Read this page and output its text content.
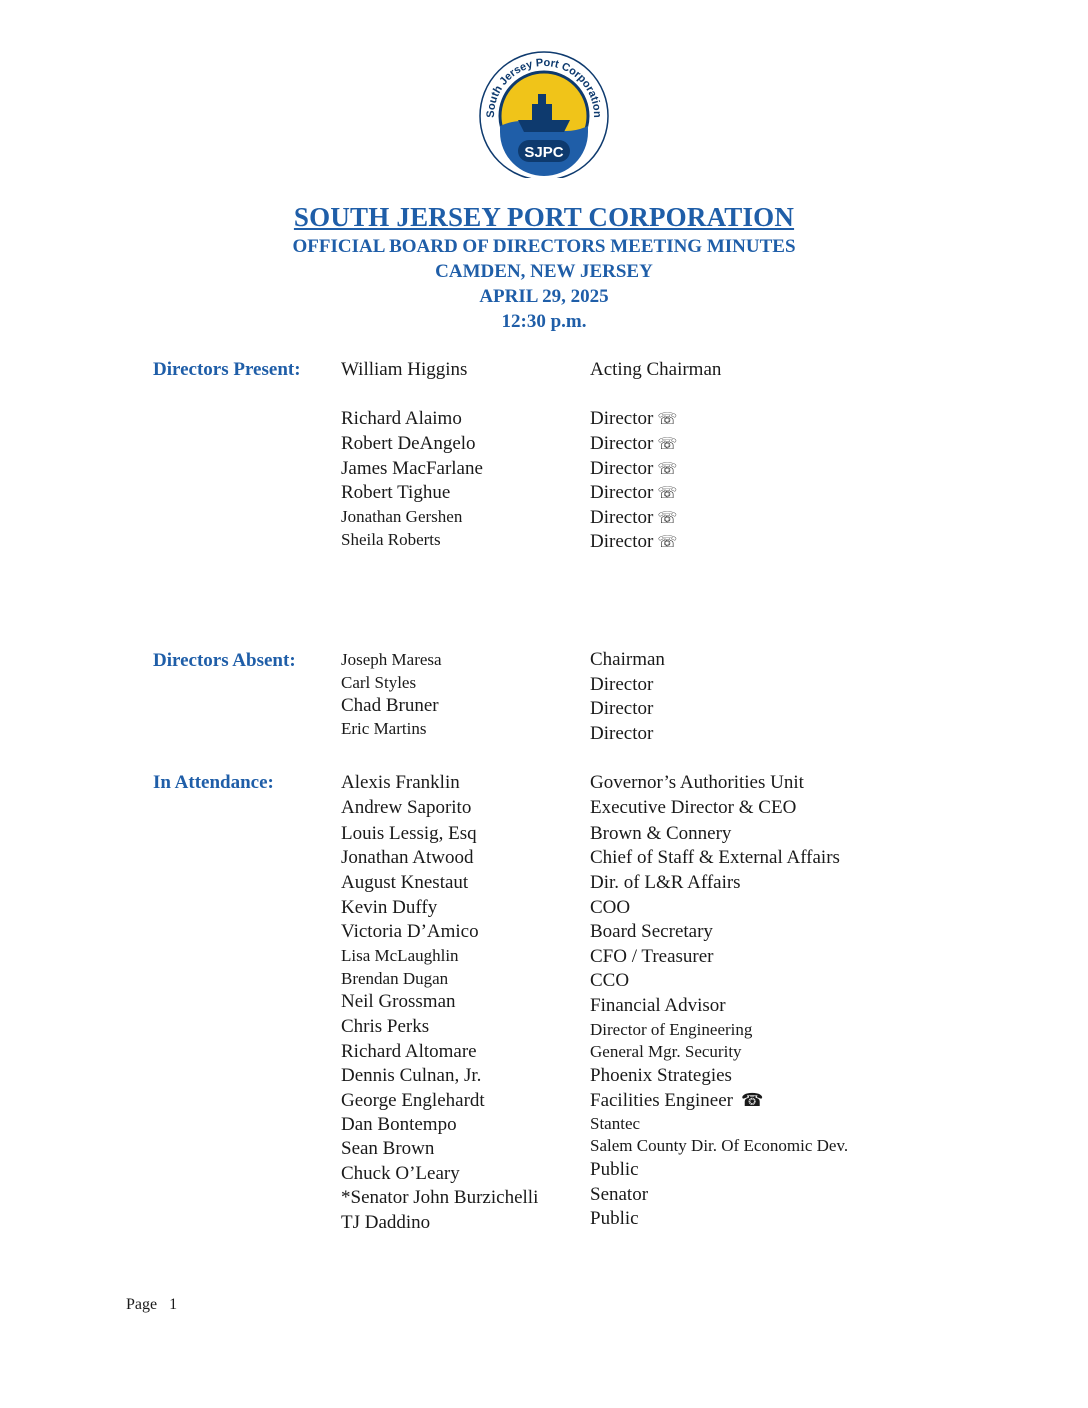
South Jersey Port Corporation
SJPC
SOUTH JERSEY PORT CORPORATION
OFFICIAL BOARD OF DIRECTORS MEETING MINUTES
CAMDEN, NEW JERSEY
APRIL 29, 2025
12:30 p.m.
Directors Present: William Higgins	Acting Chairman
Richard Alaimo	Director ☏
Robert DeAngelo	Director ☏
James MacFarlane	Director ☏
Robert Tighue	Director ☏
Jonathan Gershen	Director ☏
Sheila Roberts	Director ☏
Directors Absent:	Joseph Maresa	Chairman
Carl Styles	Director
Chad Bruner	Director
Eric Martins	Director
In Attendance:	Alexis Franklin	Governor’s Authorities Unit
Andrew Saporito	Executive Director & CEO
Louis Lessig, Esq	Brown & Connery
Jonathan Atwood	Chief of Staff & External Affairs
August Knestaut	Dir. of L&R Affairs
Kevin Duffy	COO
Victoria D’Amico	Board Secretary
Lisa McLaughlin	CFO / Treasurer
Brendan Dugan	CCO
Neil Grossman	Financial Advisor
Chris Perks	Director of Engineering
Richard Altomare	General Mgr. Security
Dennis Culnan, Jr.	Phoenix Strategies
George Englehardt	Facilities Engineer ☎
Dan Bontempo	Stantec
Sean Brown	Salem County Dir. Of Economic Dev.
Chuck O’Leary	Public
*Senator John Burzichelli	Senator
TJ Daddino	Public
Page 1
